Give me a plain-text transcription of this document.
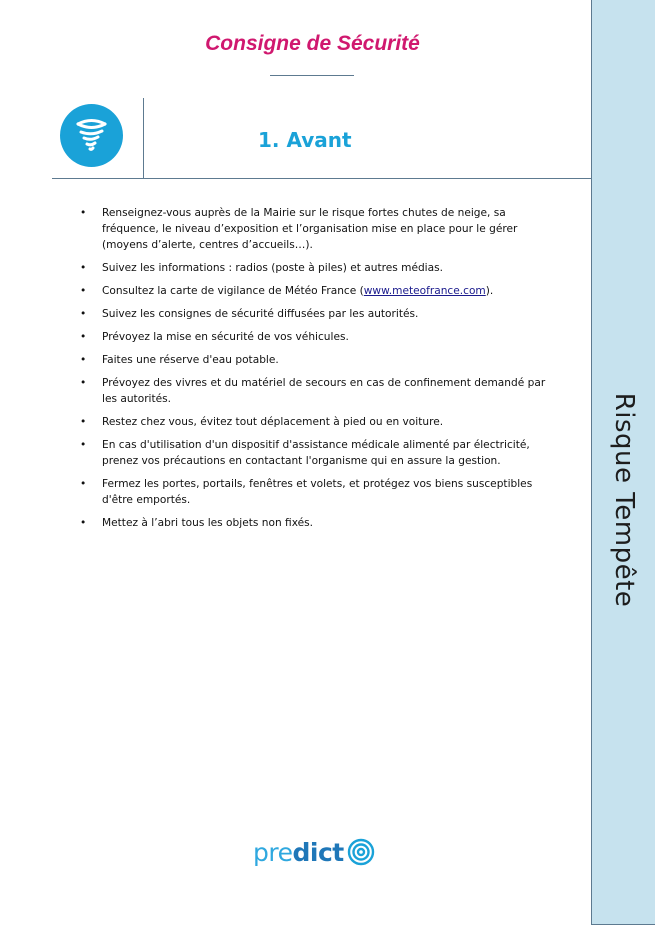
Consigne de Sécurité
1. Avant
• Renseignez-vous auprès de la Mairie sur le risque fortes chutes de neige, sa fréquence, le niveau d’exposition et l’organisation mise en place pour le gérer (moyens d’alerte, centres d’accueils…).
• Suivez les informations : radios (poste à piles) et autres médias.
• Consultez la carte de vigilance de Météo France (www.meteofrance.com).
• Suivez les consignes de sécurité diffusées par les autorités.
• Prévoyez la mise en sécurité de vos véhicules.
• Faites une réserve d'eau potable.
• Prévoyez des vivres et du matériel de secours en cas de confinement demandé par les autorités.
• Restez chez vous, évitez tout déplacement à pied ou en voiture.
• En cas d'utilisation d'un dispositif d'assistance médicale alimenté par électricité, prenez vos précautions en contactant l'organisme qui en assure la gestion.
• Fermez les portes, portails, fenêtres et volets, et protégez vos biens susceptibles d'être emportés.
• Mettez à l’abri tous les objets non fixés.
pre dict
Risque Tempête
